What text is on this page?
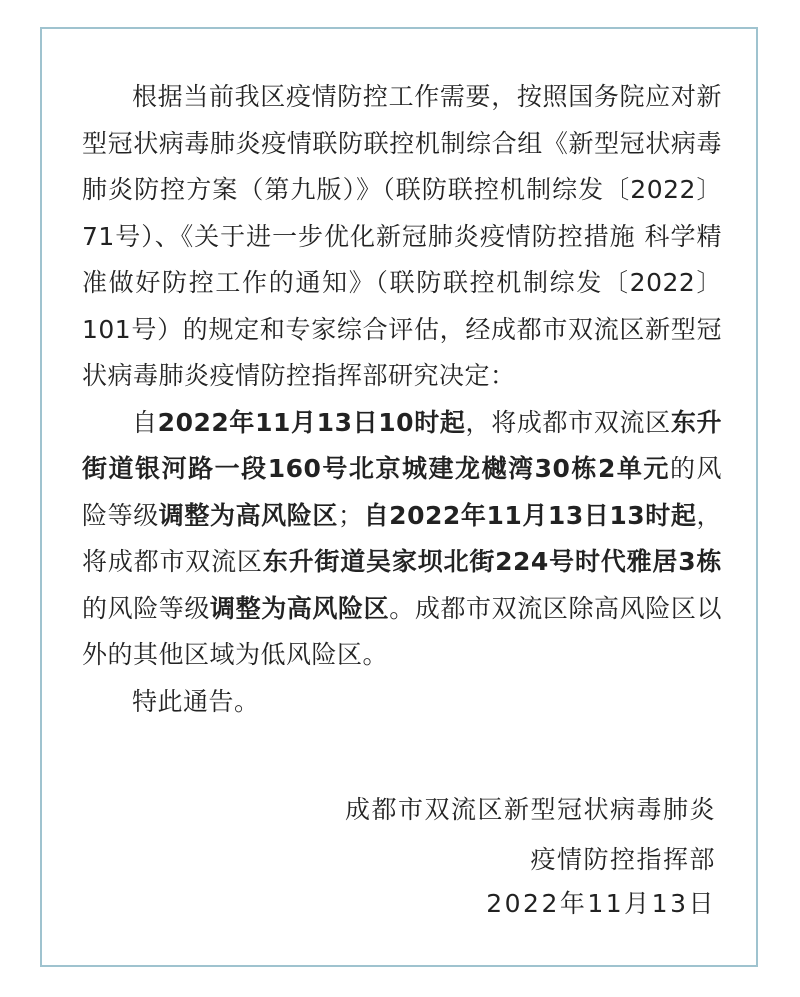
根据当前我区疫情防控工作需要，按照国务院应对新型冠状病毒肺炎疫情联防联控机制综合组《新型冠状病毒肺炎防控方案（第九版）》（联防联控机制综发〔2022〕71号）、《关于进一步优化新冠肺炎疫情防控措施 科学精准做好防控工作的通知》（联防联控机制综发〔2022〕101号）的规定和专家综合评估，经成都市双流区新型冠状病毒肺炎疫情防控指挥部研究决定：

自2022年11月13日10时起，将成都市双流区东升街道银河路一段160号北京城建龙樾湾30栋2单元的风险等级调整为高风险区；自2022年11月13日13时起，将成都市双流区东升街道吴家坝北街224号时代雅居3栋的风险等级调整为高风险区。成都市双流区除高风险区以外的其他区域为低风险区。

特此通告。

成都市双流区新型冠状病毒肺炎
疫情防控指挥部
2022年11月13日
